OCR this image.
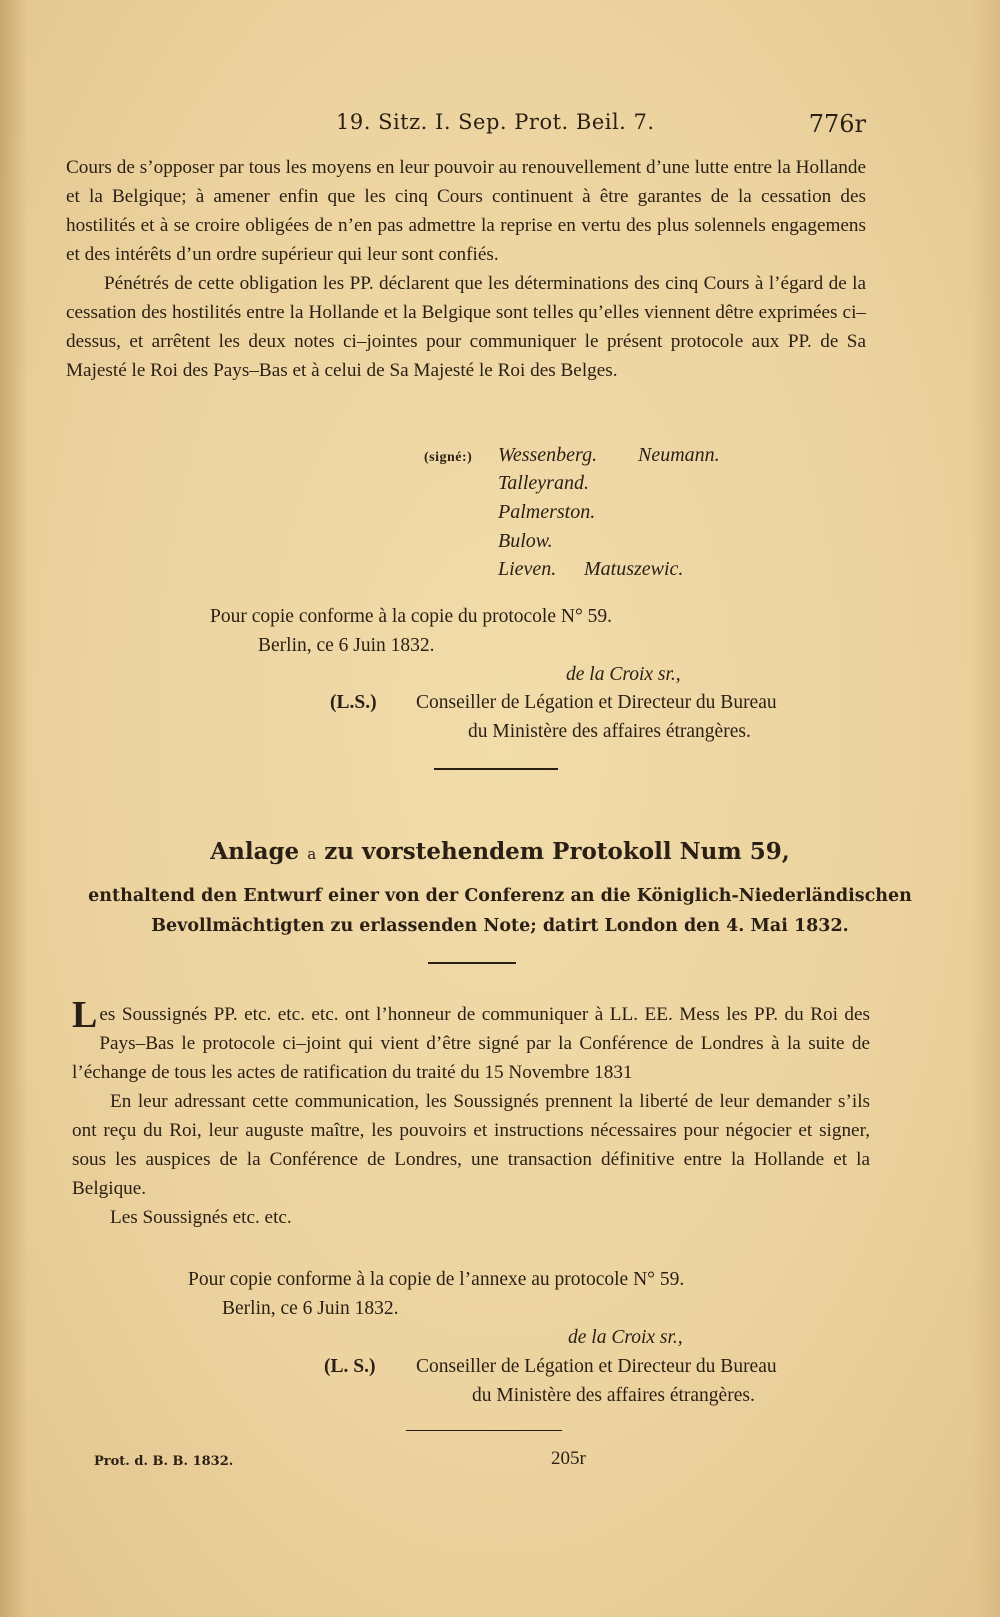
19. Sitz. I. Sep. Prot. Beil. 7.	776r

Cours de s’opposer par tous les moyens en leur pouvoir au renouvellement d’une lutte entre la Hollande et la Belgique; à amener enfin que les cinq Cours continuent à être garantes de la cessation des hostilités et à se croire obligées de n’en pas admettre la reprise en vertu des plus solennels engagemens et des intérêts d’un ordre supérieur qui leur sont confiés.

Pénétrés de cette obligation les PP. déclarent que les déterminations des cinq Cours à l’égard de la cessation des hostilités entre la Hollande et la Belgique sont telles qu’elles viennent dêtre exprimées ci–dessus, et arrêtent les deux notes ci–jointes pour communiquer le présent protocole aux PP. de Sa Majesté le Roi des Pays–Bas et à celui de Sa Majesté le Roi des Belges.

(signé:) Wessenberg. Neumann.
Talleyrand.
Palmerston.
Bulow.
Lieven. Matuszewic.
Pour copie conforme à la copie du protocole N° 59.
Berlin, ce 6 Juin 1832.
de la Croix sr.,
(L.S.) Conseiller de Légation et Directeur du Bureau
du Ministère des affaires étrangères.
Anlage a zu vorstehendem Protokoll Num 59,
enthaltend den Entwurf einer von der Conferenz an die Königlich-Niederländischen
Bevollmächtigten zu erlassenden Note; datirt London den 4. Mai 1832.

Les Soussignés PP. etc. etc. etc. ont l’honneur de communiquer à LL. EE. Mess les PP. du Roi des Pays–Bas le protocole ci–joint qui vient d’être signé par la Conférence de Londres à la suite de l’échange de tous les actes de ratification du traité du 15 Novembre 1831

En leur adressant cette communication, les Soussignés prennent la liberté de leur demander s’ils ont reçu du Roi, leur auguste maître, les pouvoirs et instructions nécessaires pour négocier et signer, sous les auspices de la Conférence de Londres, une transaction définitive entre la Hollande et la Belgique.

Les Soussignés etc. etc.

Pour copie conforme à la copie de l’annexe au protocole N° 59.
Berlin, ce 6 Juin 1832.
de la Croix sr.,
(L. S.) Conseiller de Légation et Directeur du Bureau
du Ministère des affaires étrangères.
Prot. d. B. B. 1832.	205r
